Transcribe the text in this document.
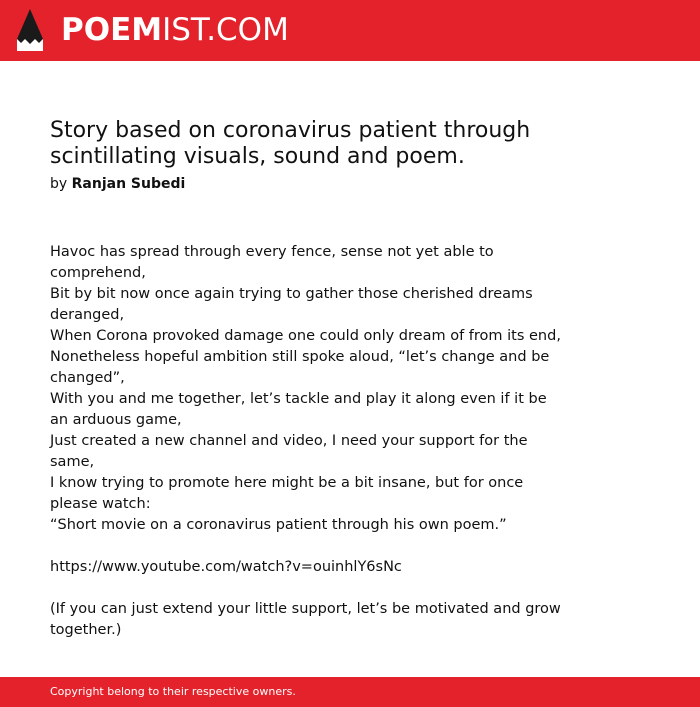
POEMIST.COM
Story based on coronavirus patient through
scintillating visuals, sound and poem.
by Ranjan Subedi
Havoc has spread through every fence, sense not yet able to comprehend,
Bit by bit now once again trying to gather those cherished dreams deranged,
When Corona provoked damage one could only dream of from its end,
Nonetheless hopeful ambition still spoke aloud, “let’s change and be changed”,
With you and me together, let’s tackle and play it along even if it be an arduous game,
Just created a new channel and video, I need your support for the same,
I know trying to promote here might be a bit insane, but for once please watch:
“Short movie on a coronavirus patient through his own poem.”
https://www.youtube.com/watch?v=ouinhlY6sNc
(If you can just extend your little support, let’s be motivated and grow together.)
Copyright belong to their respective owners.
